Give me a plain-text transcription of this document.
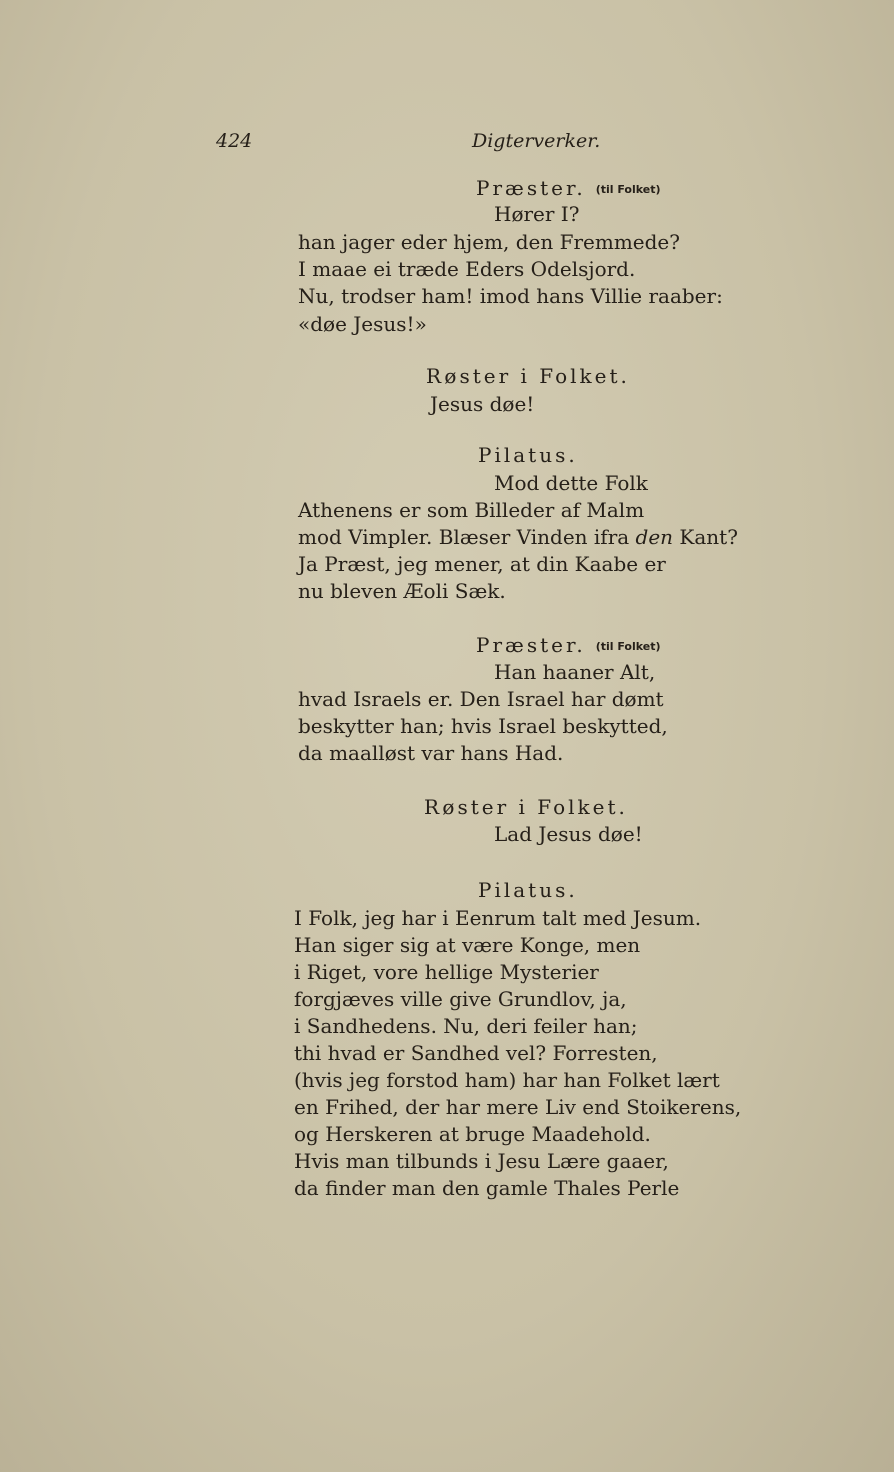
424	Digterverker.
Præster. (til Folket)
Hører I?
han jager eder hjem, den Fremmede?
I maae ei træde Eders Odelsjord.
Nu, trodser ham! imod hans Villie raaber:
«døe Jesus!»
Røster i Folket.
Jesus døe!
Pilatus.
Mod dette Folk
Athenens er som Billeder af Malm
mod Vimpler. Blæser Vinden ifra den Kant?
Ja Præst, jeg mener, at din Kaabe er
nu bleven Æoli Sæk.
Præster. (til Folket)
Han haaner Alt,
hvad Israels er. Den Israel har dømt
beskytter han; hvis Israel beskytted,
da maalløst var hans Had.
Røster i Folket.
Lad Jesus døe!
Pilatus.
I Folk, jeg har i Eenrum talt med Jesum.
Han siger sig at være Konge, men
i Riget, vore hellige Mysterier
forgjæves ville give Grundlov, ja,
i Sandhedens. Nu, deri feiler han;
thi hvad er Sandhed vel? Forresten,
(hvis jeg forstod ham) har han Folket lært
en Frihed, der har mere Liv end Stoikerens,
og Herskeren at bruge Maadehold.
Hvis man tilbunds i Jesu Lære gaaer,
da finder man den gamle Thales Perle
